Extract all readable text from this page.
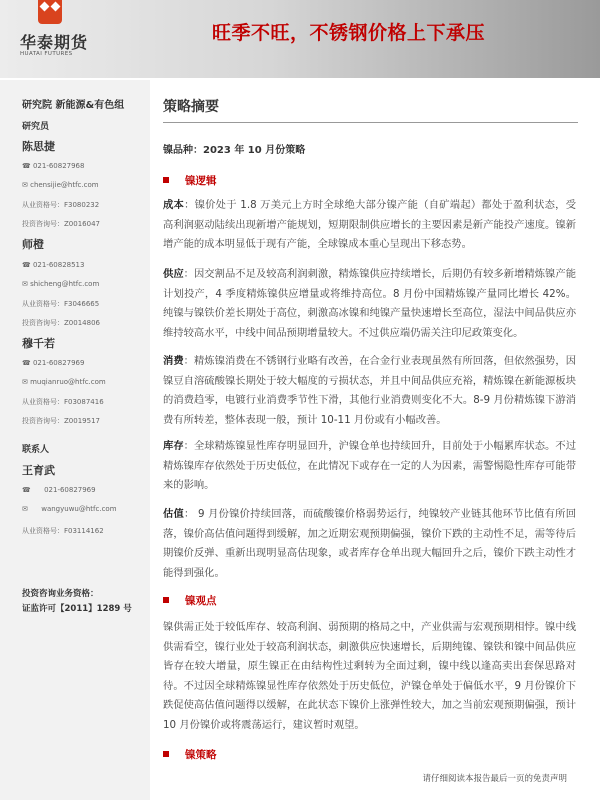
华泰期货
HUATAI FUTURES
旺季不旺，不锈钢价格上下承压
研究院 新能源&有色组
研究员
陈思捷
☎ 021-60827968
✉ chensijie@htfc.com
从业资格号：F3080232
投资咨询号：Z0016047
师橙
☎ 021-60828513
✉ shicheng@htfc.com
从业资格号：F3046665
投资咨询号：Z0014806
穆千若
☎ 021-60827969
✉ muqianruo@htfc.com
从业资格号：F03087416
投资咨询号：Z0019517
联系人
王育武
☎      021-60827969
✉      wangyuwu@htfc.com
从业资格号：F03114162
投资咨询业务资格：
证监许可【2011】1289 号
策略摘要
镍品种：2023 年 10 月份策略
镍逻辑
成本：镍价处于 1.8 万美元上方时全球绝大部分镍产能（自矿端起）都处于盈利状态，受高利润驱动陆续出现新增产能规划，短期限制供应增长的主要因素是新产能投产速度。镍新增产能的成本明显低于现有产能，全球镍成本重心呈现出下移态势。
供应：因交割品不足及较高利润刺激，精炼镍供应持续增长，后期仍有较多新增精炼镍产能计划投产，4 季度精炼镍供应增量或将维持高位。8 月份中国精炼镍产量同比增长 42%。纯镍与镍铁价差长期处于高位，刺激高冰镍和纯镍产量快速增长至高位，湿法中间品供应亦维持较高水平，中线中间品预期增量较大。不过供应端仍需关注印尼政策变化。
消费：精炼镍消费在不锈钢行业略有改善，在合金行业表现虽然有所回落，但依然强势，因镍豆自溶硫酸镍长期处于较大幅度的亏损状态，并且中间品供应充裕，精炼镍在新能源板块的消费趋零，电镀行业消费季节性下滑，其他行业消费则变化不大。8-9 月份精炼镍下游消费有所转差，整体表现一般，预计 10-11 月份或有小幅改善。
库存：全球精炼镍显性库存明显回升，沪镍仓单也持续回升，目前处于小幅累库状态。不过精炼镍库存依然处于历史低位，在此情况下或存在一定的人为因素，需警惕隐性库存可能带来的影响。
估值： 9 月份镍价持续回落，而硫酸镍价格弱势运行，纯镍较产业链其他环节比值有所回落，镍价高估值问题得到缓解，加之近期宏观预期偏强，镍价下跌的主动性不足，需等待后期镍价反弹、重新出现明显高估现象，或者库存仓单出现大幅回升之后，镍价下跌主动性才能得到强化。
镍观点
镍供需正处于较低库存、较高利润、弱预期的格局之中，产业供需与宏观预期相悖。镍中线供需看空，镍行业处于较高利润状态，刺激供应快速增长，后期纯镍、镍铁和镍中间品供应皆存在较大增量，原生镍正在由结构性过剩转为全面过剩，镍中线以逢高卖出套保思路对待。不过因全球精炼镍显性库存依然处于历史低位，沪镍仓单处于偏低水平，9 月份镍价下跌促使高估值问题得以缓解，在此状态下镍价上涨弹性较大，加之当前宏观预期偏强，预计 10 月份镍价或将震荡运行，建议暂时观望。
镍策略
请仔细阅读本报告最后一页的免责声明
